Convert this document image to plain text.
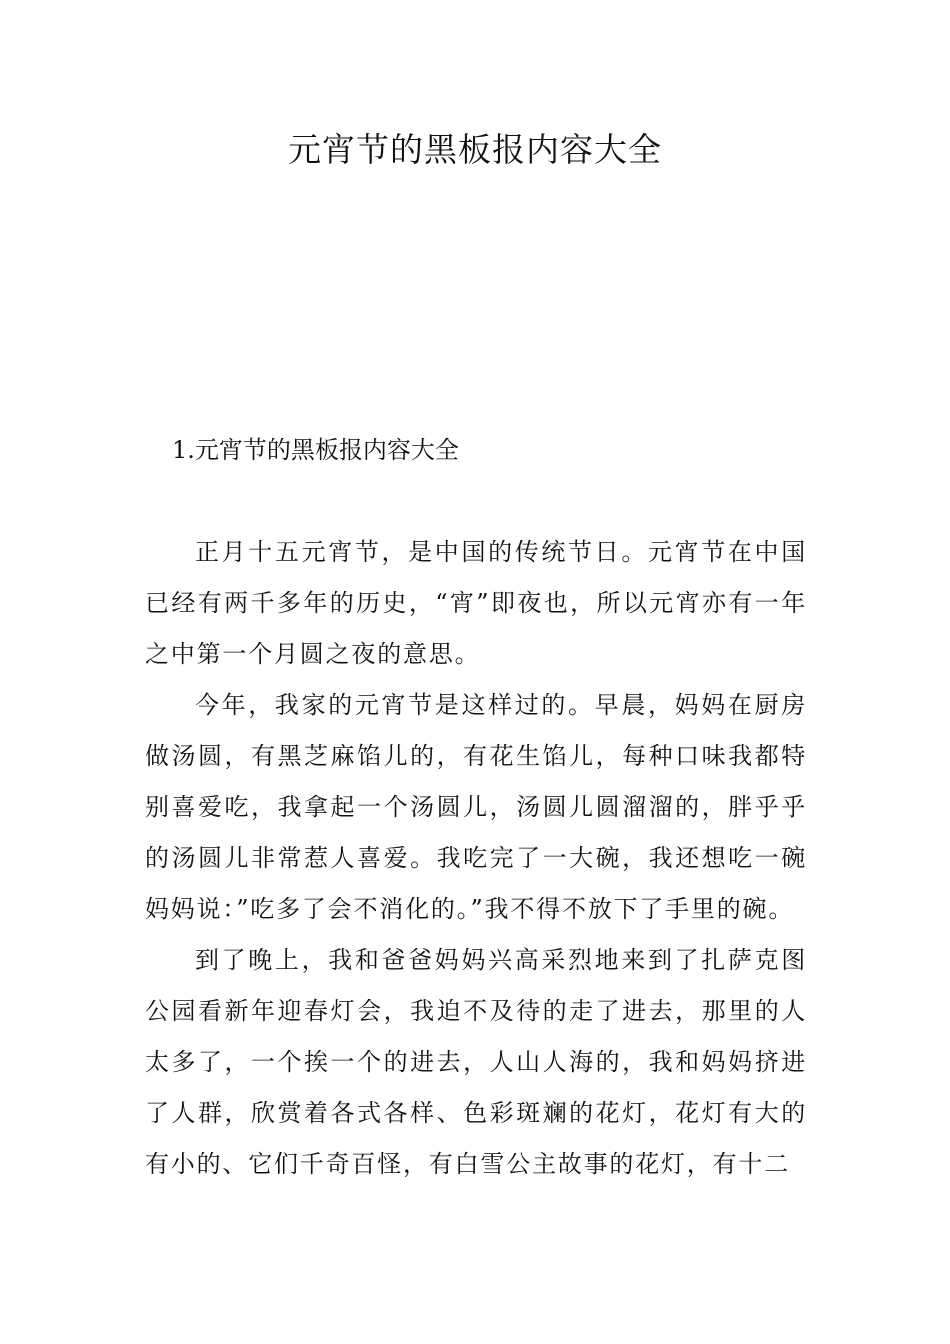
元宵节的黑板报内容大全
1.元宵节的黑板报内容大全

正月十五元宵节，是中国的传统节日。元宵节在中国已经有两千多年的历史，“宵”即夜也，所以元宵亦有一年之中第一个月圆之夜的意思。

今年，我家的元宵节是这样过的。早晨，妈妈在厨房做汤圆，有黑芝麻馅儿的，有花生馅儿，每种口味我都特别喜爱吃，我拿起一个汤圆儿，汤圆儿圆溜溜的，胖乎乎的汤圆儿非常惹人喜爱。我吃完了一大碗，我还想吃一碗妈妈说：”吃多了会不消化的。”我不得不放下了手里的碗。

到了晚上，我和爸爸妈妈兴高采烈地来到了扎萨克图公园看新年迎春灯会，我迫不及待的走了进去，那里的人太多了，一个挨一个的进去，人山人海的，我和妈妈挤进了人群，欣赏着各式各样、色彩斑斓的花灯，花灯有大的有小的、它们千奇百怪，有白雪公主故事的花灯，有十二
